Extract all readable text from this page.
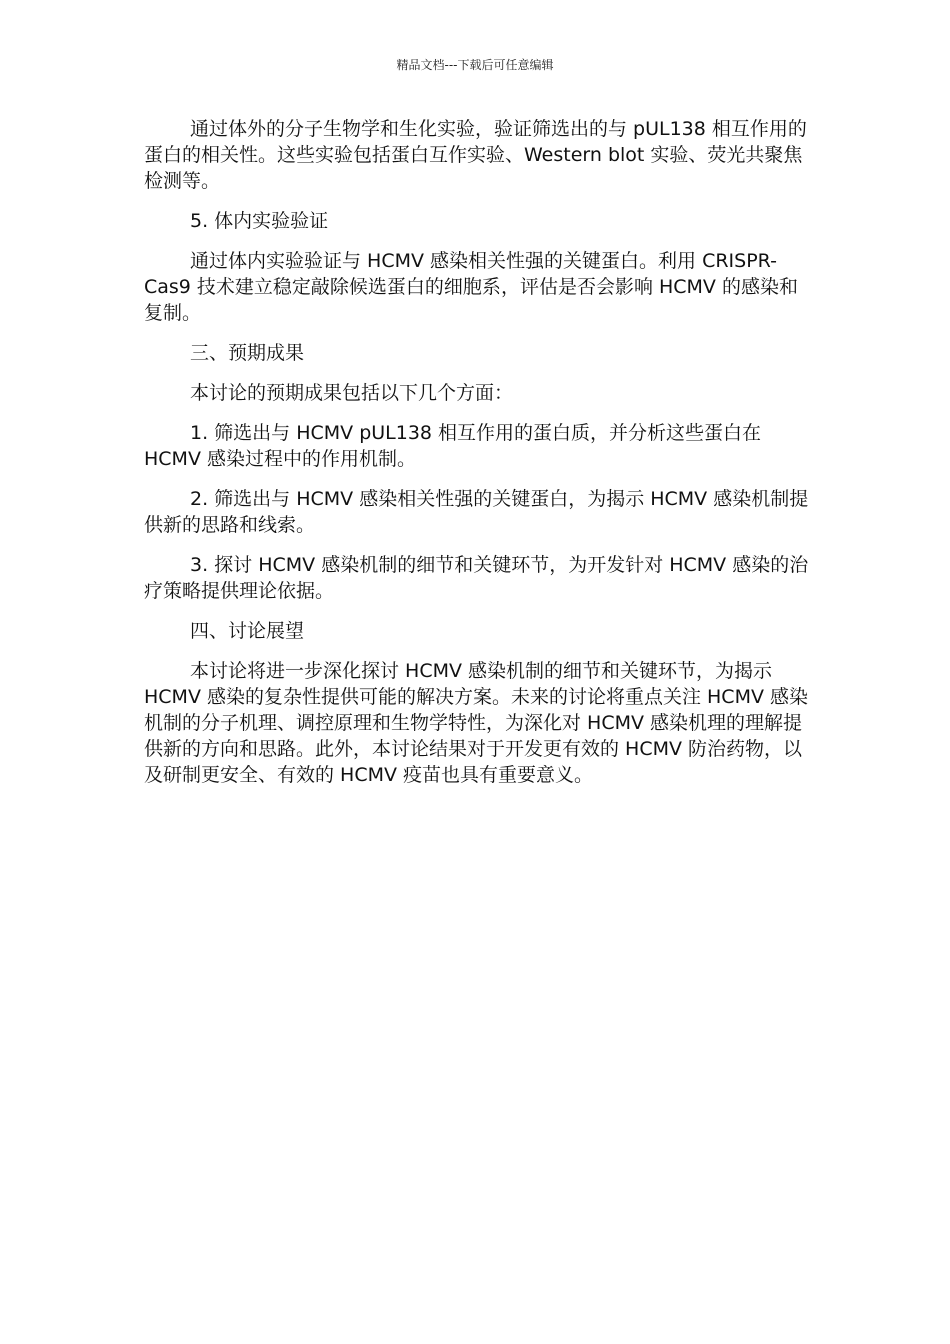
精品文档---下载后可任意编辑

通过体外的分子生物学和生化实验，验证筛选出的与 pUL138 相互作用的蛋白的相关性。这些实验包括蛋白互作实验、Western blot 实验、荧光共聚焦检测等。

5. 体内实验验证

通过体内实验验证与 HCMV 感染相关性强的关键蛋白。利用 CRISPR-Cas9 技术建立稳定敲除候选蛋白的细胞系，评估是否会影响 HCMV 的感染和复制。

三、预期成果

本讨论的预期成果包括以下几个方面：

1. 筛选出与 HCMV pUL138 相互作用的蛋白质，并分析这些蛋白在 HCMV 感染过程中的作用机制。

2. 筛选出与 HCMV 感染相关性强的关键蛋白，为揭示 HCMV 感染机制提供新的思路和线索。

3. 探讨 HCMV 感染机制的细节和关键环节，为开发针对 HCMV 感染的治疗策略提供理论依据。

四、讨论展望

本讨论将进一步深化探讨 HCMV 感染机制的细节和关键环节，为揭示 HCMV 感染的复杂性提供可能的解决方案。未来的讨论将重点关注 HCMV 感染机制的分子机理、调控原理和生物学特性，为深化对 HCMV 感染机理的理解提供新的方向和思路。此外，本讨论结果对于开发更有效的 HCMV 防治药物，以及研制更安全、有效的 HCMV 疫苗也具有重要意义。
